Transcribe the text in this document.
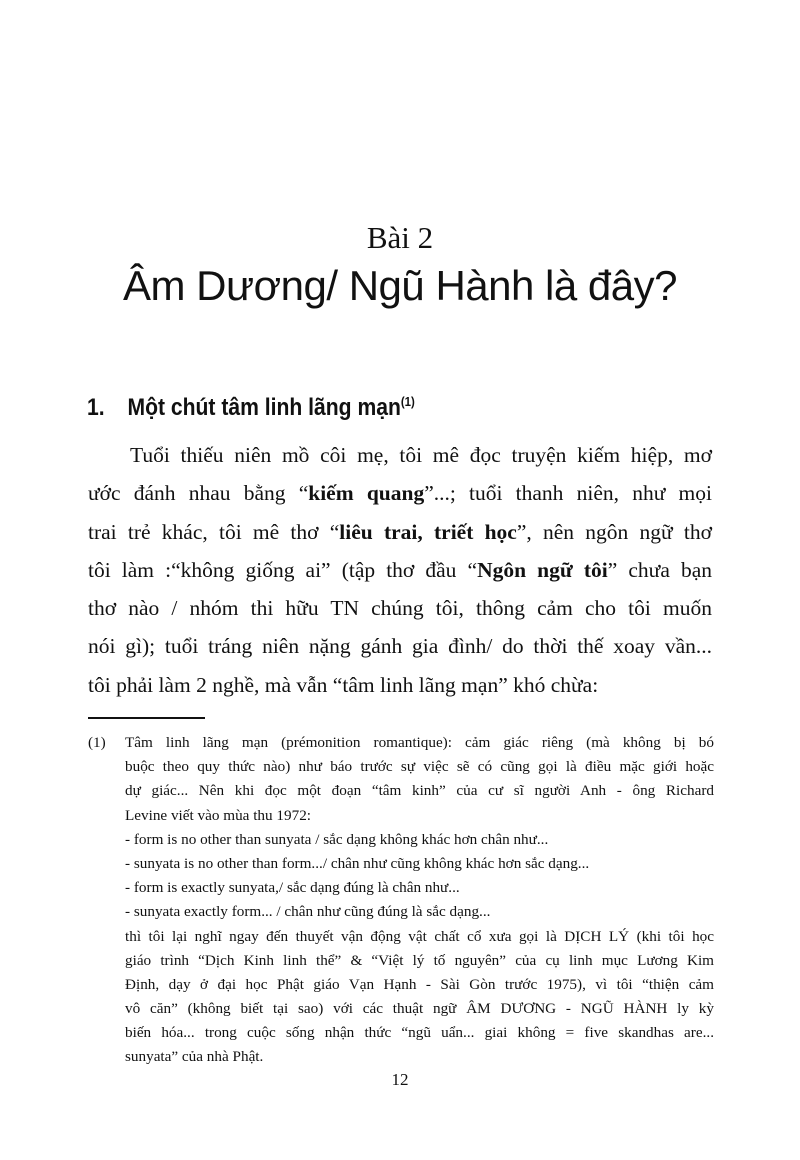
Bài 2
Âm Dương/ Ngũ Hành là đây?
1. Một chút tâm linh lãng mạn$^{(1)}$
Tuổi thiếu niên mồ côi mẹ, tôi mê đọc truyện kiếm hiệp, mơ
ước đánh nhau bằng “kiếm quang”...; tuổi thanh niên, như mọi
trai trẻ khác, tôi mê thơ “liêu trai, triết học”, nên ngôn ngữ thơ
tôi làm :“không giống ai” (tập thơ đầu “Ngôn ngữ tôi” chưa bạn
thơ nào / nhóm thi hữu TN chúng tôi, thông cảm cho tôi muốn
nói gì); tuổi tráng niên nặng gánh gia đình/ do thời thế xoay vần...
tôi phải làm 2 nghề, mà vẫn “tâm linh lãng mạn” khó chừa:
(1) Tâm linh lãng mạn (prémonition romantique): cảm giác riêng (mà không bị bó
buộc theo quy thức nào) như báo trước sự việc sẽ có cũng gọi là điều mặc giới hoặc
dự giác... Nên khi đọc một đoạn “tâm kinh” của cư sĩ người Anh - ông Richard
Levine viết vào mùa thu 1972:
- form is no other than sunyata / sắc dạng không khác hơn chân như...
- sunyata is no other than form.../ chân như cũng không khác hơn sắc dạng...
- form is exactly sunyata,/ sắc dạng đúng là chân như...
- sunyata exactly form... / chân như cũng đúng là sắc dạng...
thì tôi lại nghĩ ngay đến thuyết vận động vật chất cổ xưa gọi là DỊCH LÝ (khi tôi học
giáo trình “Dịch Kinh linh thể” & “Việt lý tố nguyên” của cụ linh mục Lương Kim
Định, dạy ở đại học Phật giáo Vạn Hạnh - Sài Gòn trước 1975), vì tôi “thiện cảm
vô căn” (không biết tại sao) với các thuật ngữ ÂM DƯƠNG - NGŨ HÀNH ly kỳ
biến hóa... trong cuộc sống nhận thức “ngũ uẩn... giai không = five skandhas are...
sunyata” của nhà Phật.
12
